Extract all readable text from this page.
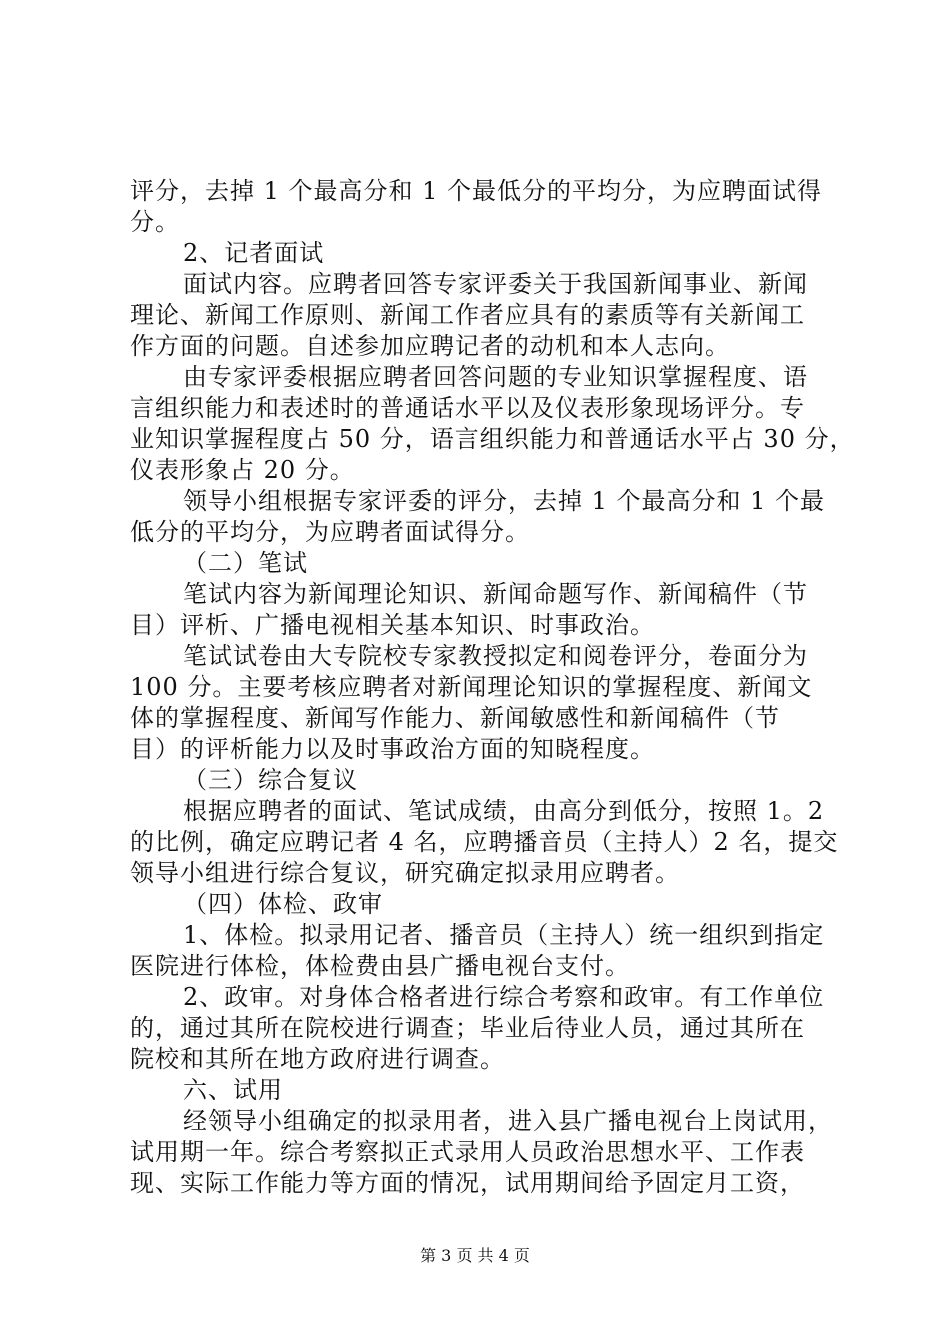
评分，去掉 1 个最高分和 1 个最低分的平均分，为应聘面试得
分。
2、记者面试
面试内容。应聘者回答专家评委关于我国新闻事业、新闻
理论、新闻工作原则、新闻工作者应具有的素质等有关新闻工
作方面的问题。自述参加应聘记者的动机和本人志向。
由专家评委根据应聘者回答问题的专业知识掌握程度、语
言组织能力和表述时的普通话水平以及仪表形象现场评分。专
业知识掌握程度占 50 分，语言组织能力和普通话水平占 30 分，
仪表形象占 20 分。
领导小组根据专家评委的评分，去掉 1 个最高分和 1 个最
低分的平均分，为应聘者面试得分。
（二）笔试
笔试内容为新闻理论知识、新闻命题写作、新闻稿件（节
目）评析、广播电视相关基本知识、时事政治。
笔试试卷由大专院校专家教授拟定和阅卷评分，卷面分为
100 分。主要考核应聘者对新闻理论知识的掌握程度、新闻文
体的掌握程度、新闻写作能力、新闻敏感性和新闻稿件（节
目）的评析能力以及时事政治方面的知晓程度。
（三）综合复议
根据应聘者的面试、笔试成绩，由高分到低分，按照 1。2
的比例，确定应聘记者 4 名，应聘播音员（主持人）2 名，提交
领导小组进行综合复议，研究确定拟录用应聘者。
（四）体检、政审
1、体检。拟录用记者、播音员（主持人）统一组织到指定
医院进行体检，体检费由县广播电视台支付。
2、政审。对身体合格者进行综合考察和政审。有工作单位
的，通过其所在院校进行调查；毕业后待业人员，通过其所在
院校和其所在地方政府进行调查。
六、试用
经领导小组确定的拟录用者，进入县广播电视台上岗试用，
试用期一年。综合考察拟正式录用人员政治思想水平、工作表
现、实际工作能力等方面的情况，试用期间给予固定月工资，
第 3 页 共 4 页
